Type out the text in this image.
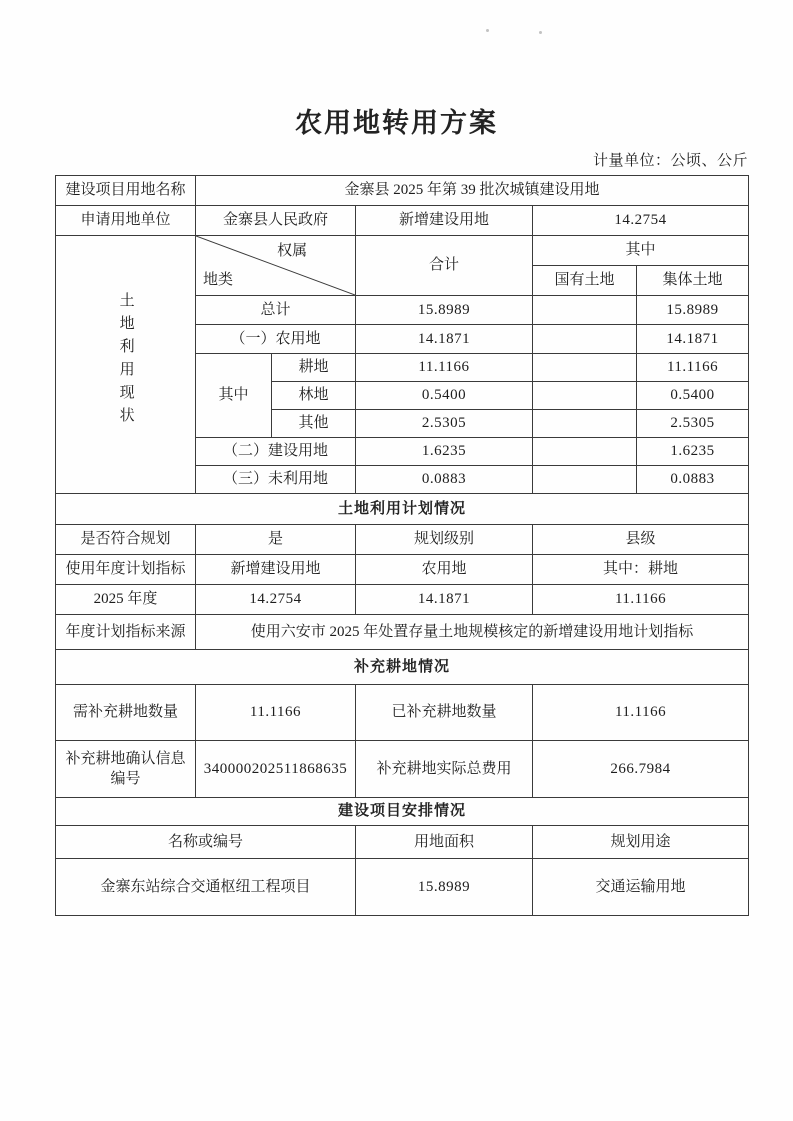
农用地转用方案
计量单位：公顷、公斤
建设项目用地名称	金寨县 2025 年第 39 批次城镇建设用地				
申请用地单位	金寨县人民政府		新增建设用地	14.2754	
土地利用现状	权属
地类		合计	其中	
				国有土地	集体土地
	总计		15.8989		15.8989
	（一）农用地		14.1871		14.1871
	其中	耕地	11.1166		11.1166
		林地	0.5400		0.5400
		其他	2.5305		2.5305
	（二）建设用地		1.6235		1.6235
	（三）未利用地		0.0883		0.0883
土地利用计划情况					
是否符合规划	是		规划级别	县级	
使用年度计划指标	新增建设用地		农用地	其中：耕地	
2025 年度	14.2754		14.1871	11.1166	
年度计划指标来源	使用六安市 2025 年处置存量土地规模核定的新增建设用地计划指标				
补充耕地情况					
需补充耕地数量	11.1166		已补充耕地数量	11.1166	
补充耕地确认信息编号	340000202511868635		补充耕地实际总费用	266.7984	
建设项目安排情况					
名称或编号			用地面积	规划用途	
金寨东站综合交通枢纽工程项目			15.8989	交通运输用地	
